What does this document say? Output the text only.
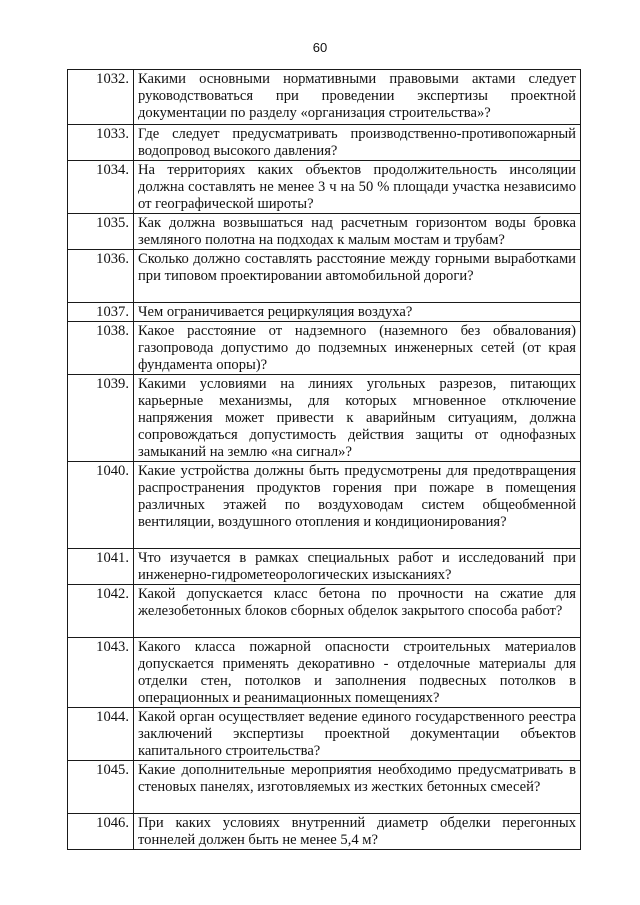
60
1032.	Какими основными нормативными правовыми актами следует руководствоваться при проведении экспертизы проектной документации по разделу «организация строительства»?
1033.	Где следует предусматривать производственно-противопожарный водопровод высокого давления?
1034.	На территориях каких объектов продолжительность инсоляции должна составлять не менее 3 ч на 50 % площади участка независимо от географической широты?
1035.	Как должна возвышаться над расчетным горизонтом воды бровка земляного полотна на подходах к малым мостам и трубам?
1036.	Сколько должно составлять расстояние между горными выработками при типовом проектировании автомобильной дороги?
1037.	Чем ограничивается рециркуляция воздуха?
1038.	Какое расстояние от надземного (наземного без обвалования) газопровода допустимо до подземных инженерных сетей (от края фундамента опоры)?
1039.	Какими условиями на линиях угольных разрезов, питающих карьерные механизмы, для которых мгновенное отключение напряжения может привести к аварийным ситуациям, должна сопровождаться допустимость действия защиты от однофазных замыканий на землю «на сигнал»?
1040.	Какие устройства должны быть предусмотрены для предотвращения распространения продуктов горения при пожаре в помещения различных этажей по воздуховодам систем общеобменной вентиляции, воздушного отопления и кондиционирования?
1041.	Что изучается в рамках специальных работ и исследований при инженерно-гидрометеорологических изысканиях?
1042.	Какой допускается класс бетона по прочности на сжатие для железобетонных блоков сборных обделок закрытого способа работ?
1043.	Какого класса пожарной опасности строительных материалов допускается применять декоративно - отделочные материалы для отделки стен, потолков и заполнения подвесных потолков в операционных и реанимационных помещениях?
1044.	Какой орган осуществляет ведение единого государственного реестра заключений экспертизы проектной документации объектов капитального строительства?
1045.	Какие дополнительные мероприятия необходимо предусматривать в стеновых панелях, изготовляемых из жестких бетонных смесей?
1046.	При каких условиях внутренний диаметр обделки перегонных тоннелей должен быть не менее 5,4 м?
